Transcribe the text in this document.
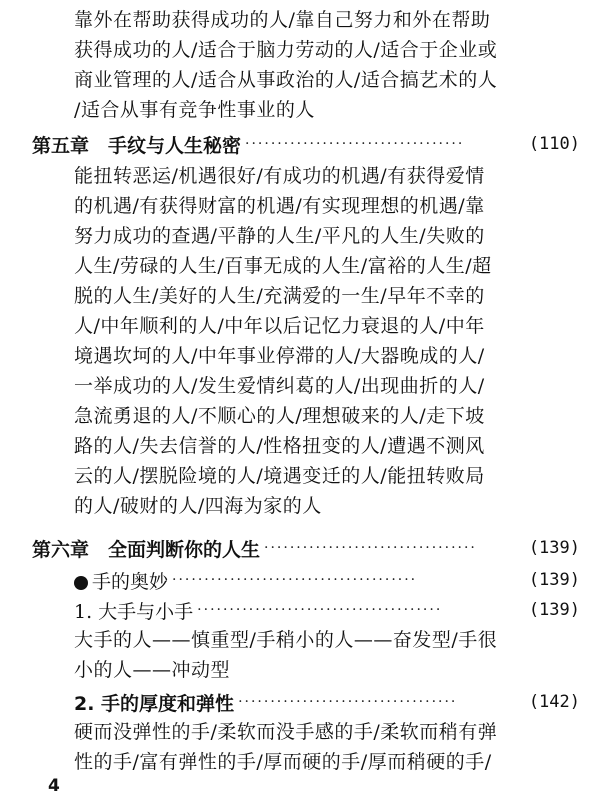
靠外在帮助获得成功的人/靠自己努力和外在帮助
获得成功的人/适合于脑力劳动的人/适合于企业或
商业管理的人/适合从事政治的人/适合搞艺术的人
/适合从事有竞争性事业的人
第五章　手纹与人生秘密 ··································	(110)
能扭转恶运/机遇很好/有成功的机遇/有获得爱情
的机遇/有获得财富的机遇/有实现理想的机遇/靠
努力成功的查遇/平静的人生/平凡的人生/失败的
人生/劳碌的人生/百事无成的人生/富裕的人生/超
脱的人生/美好的人生/充满爱的一生/早年不幸的
人/中年顺利的人/中年以后记忆力衰退的人/中年
境遇坎坷的人/中年事业停滞的人/大器晚成的人/
一举成功的人/发生爱情纠葛的人/出现曲折的人/
急流勇退的人/不顺心的人/理想破来的人/走下坡
路的人/失去信誉的人/性格扭变的人/遭遇不测风
云的人/摆脱险境的人/境遇变迁的人/能扭转败局
的人/破财的人/四海为家的人
第六章　全面判断你的人生 ·································	(139)
手的奥妙 ······································	(139)
1. 大手与小手 ······································	(139)
大手的人——慎重型/手稍小的人——奋发型/手很
小的人——冲动型
2. 手的厚度和弹性 ··································	(142)
硬而没弹性的手/柔软而没手感的手/柔软而稍有弹
性的手/富有弹性的手/厚而硬的手/厚而稍硬的手/
4
